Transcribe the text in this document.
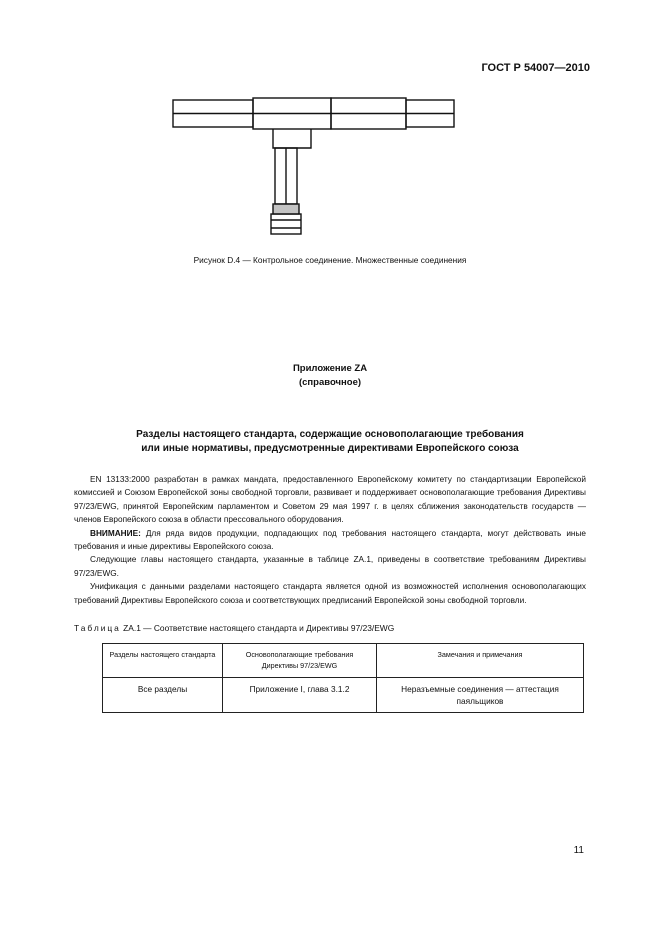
ГОСТ Р 54007—2010
Рисунок D.4 — Контрольное соединение. Множественные соединения
Приложение ZA
(справочное)
Разделы настоящего стандарта, содержащие основополагающие требования
или иные нормативы, предусмотренные директивами Европейского союза

EN 13133:2000 разработан в рамках мандата, предоставленного Европейскому комитету по стандартизации Европейской комиссией и Союзом Европейской зоны свободной торговли, развивает и поддерживает основополагающие требования Директивы 97/23/EWG, принятой Европейским парламентом и Советом 29 мая 1997 г. в целях сближения законодательств государств — членов Европейского союза в области прессовального оборудования.

ВНИМАНИЕ: Для ряда видов продукции, подпадающих под требования настоящего стандарта, могут действовать иные требования и иные директивы Европейского союза.

Следующие главы настоящего стандарта, указанные в таблице ZA.1, приведены в соответствие требованиям Директивы 97/23/EWG.

Унификация с данными разделами настоящего стандарта является одной из возможностей исполнения основополагающих требований Директивы Европейского союза и соответствующих предписаний Европейской зоны свободной торговли.

Таблица ZA.1 — Соответствие настоящего стандарта и Директивы 97/23/EWG
Разделы настоящего стандарта	Основополагающие требования Директивы 97/23/EWG	Замечания и примечания
Все разделы	Приложение I, глава 3.1.2	Неразъемные соединения — аттестация паяльщиков
11
